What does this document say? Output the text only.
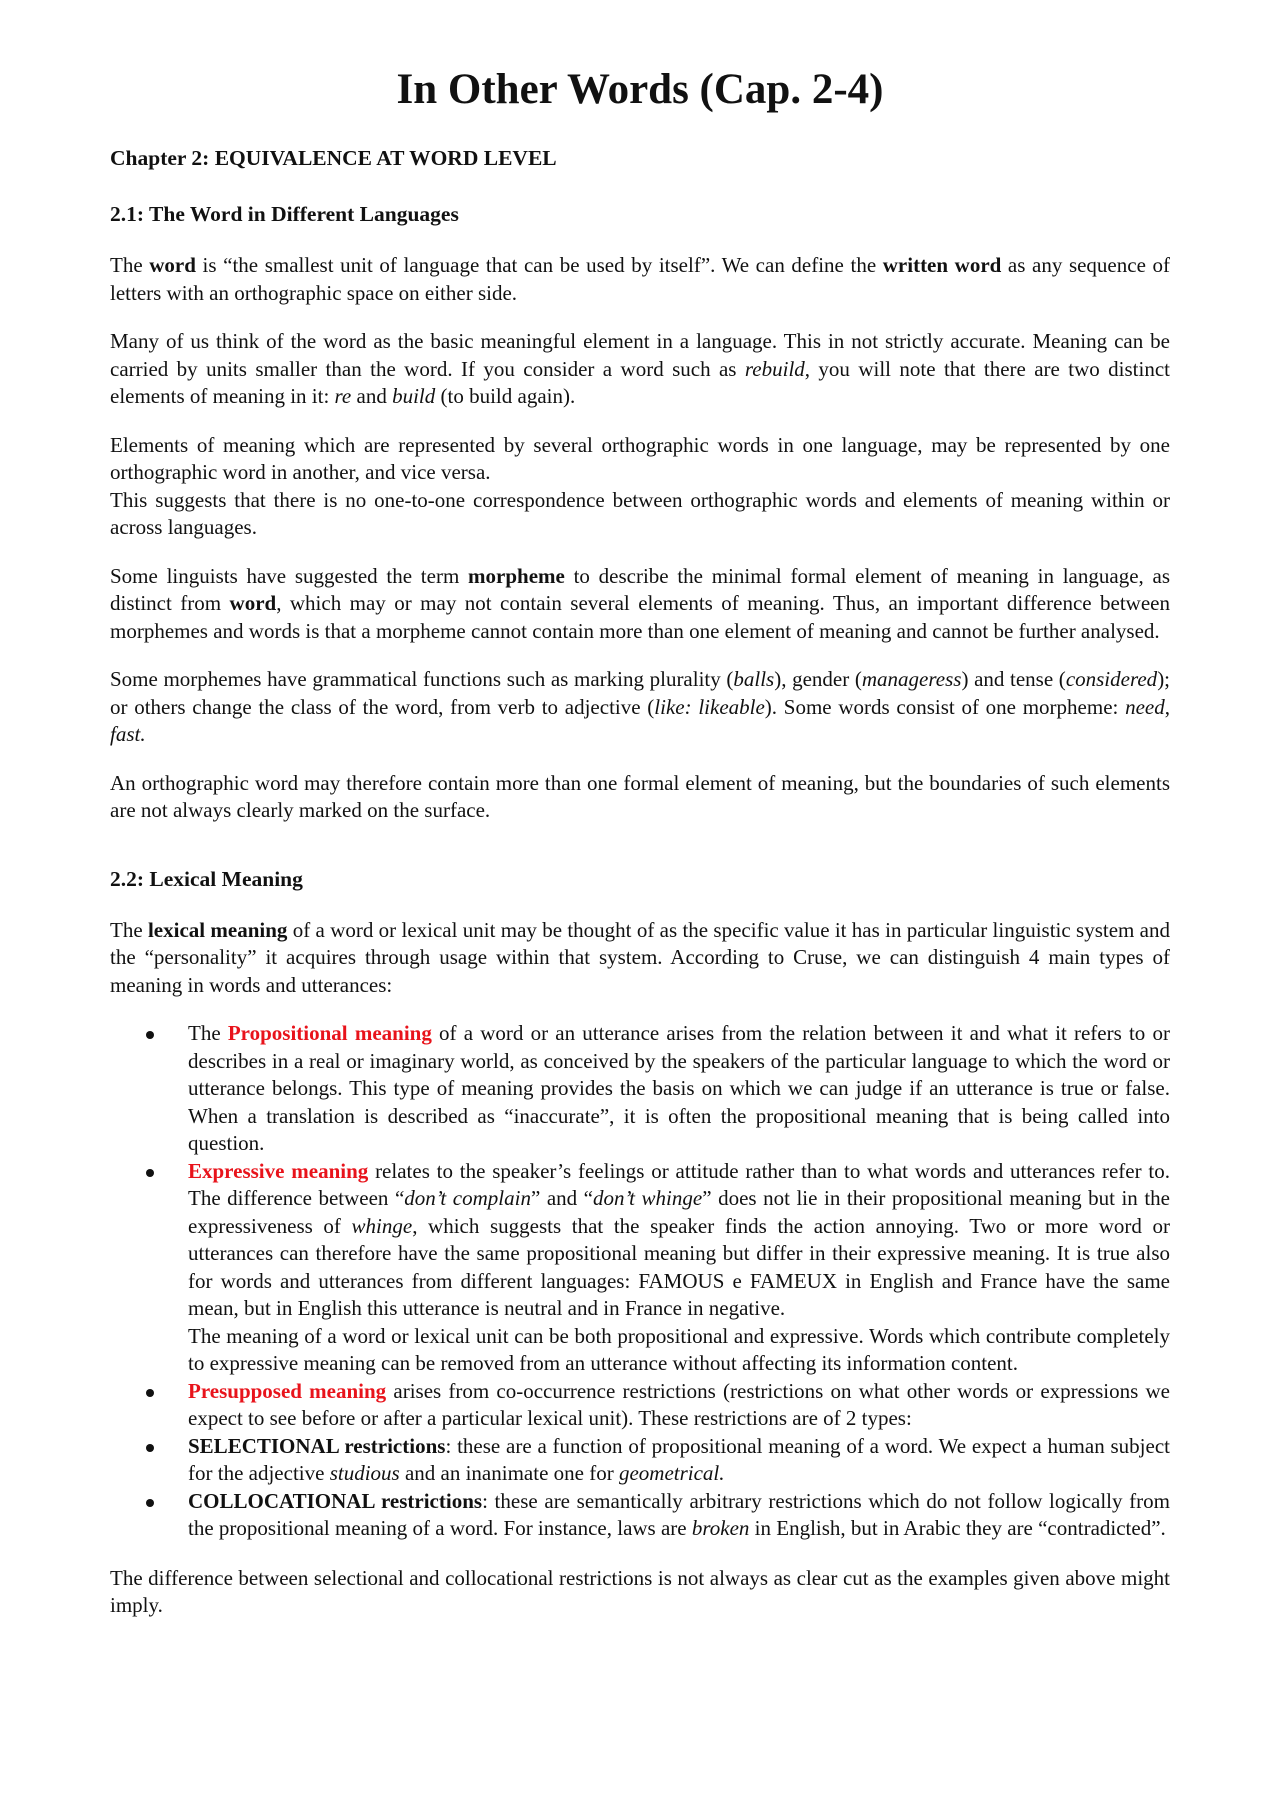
In Other Words (Cap. 2-4)
Chapter 2: EQUIVALENCE AT WORD LEVEL
2.1: The Word in Different Languages

The word is “the smallest unit of language that can be used by itself”. We can define the written word as any sequence of letters with an orthographic space on either side.

Many of us think of the word as the basic meaningful element in a language. This in not strictly accurate. Meaning can be carried by units smaller than the word. If you consider a word such as rebuild, you will note that there are two distinct elements of meaning in it: re and build (to build again).

Elements of meaning which are represented by several orthographic words in one language, may be represented by one orthographic word in another, and vice versa.

This suggests that there is no one-to-one correspondence between orthographic words and elements of meaning within or across languages.

Some linguists have suggested the term morpheme to describe the minimal formal element of meaning in language, as distinct from word, which may or may not contain several elements of meaning. Thus, an important difference between morphemes and words is that a morpheme cannot contain more than one element of meaning and cannot be further analysed.

Some morphemes have grammatical functions such as marking plurality (balls), gender (manageress) and tense (considered); or others change the class of the word, from verb to adjective (like: likeable). Some words consist of one morpheme: need, fast.

An orthographic word may therefore contain more than one formal element of meaning, but the boundaries of such elements are not always clearly marked on the surface.

2.2: Lexical Meaning

The lexical meaning of a word or lexical unit may be thought of as the specific value it has in particular linguistic system and the “personality” it acquires through usage within that system. According to Cruse, we can distinguish 4 main types of meaning in words and utterances:

The Propositional meaning of a word or an utterance arises from the relation between it and what it refers to or describes in a real or imaginary world, as conceived by the speakers of the particular language to which the word or utterance belongs. This type of meaning provides the basis on which we can judge if an utterance is true or false. When a translation is described as “inaccurate”, it is often the propositional meaning that is being called into question.
Expressive meaning relates to the speaker’s feelings or attitude rather than to what words and utterances refer to. The difference between “don’t complain” and “don’t whinge” does not lie in their propositional meaning but in the expressiveness of whinge, which suggests that the speaker finds the action annoying. Two or more word or utterances can therefore have the same propositional meaning but differ in their expressive meaning. It is true also for words and utterances from different languages: FAMOUS e FAMEUX in English and France have the same mean, but in English this utterance is neutral and in France in negative.
The meaning of a word or lexical unit can be both propositional and expressive. Words which contribute completely to expressive meaning can be removed from an utterance without affecting its information content.
Presupposed meaning arises from co-occurrence restrictions (restrictions on what other words or expressions we expect to see before or after a particular lexical unit). These restrictions are of 2 types:
SELECTIONAL restrictions: these are a function of propositional meaning of a word. We expect a human subject for the adjective studious and an inanimate one for geometrical.
COLLOCATIONAL restrictions: these are semantically arbitrary restrictions which do not follow logically from the propositional meaning of a word. For instance, laws are broken in English, but in Arabic they are “contradicted”.

The difference between selectional and collocational restrictions is not always as clear cut as the examples given above might imply.
